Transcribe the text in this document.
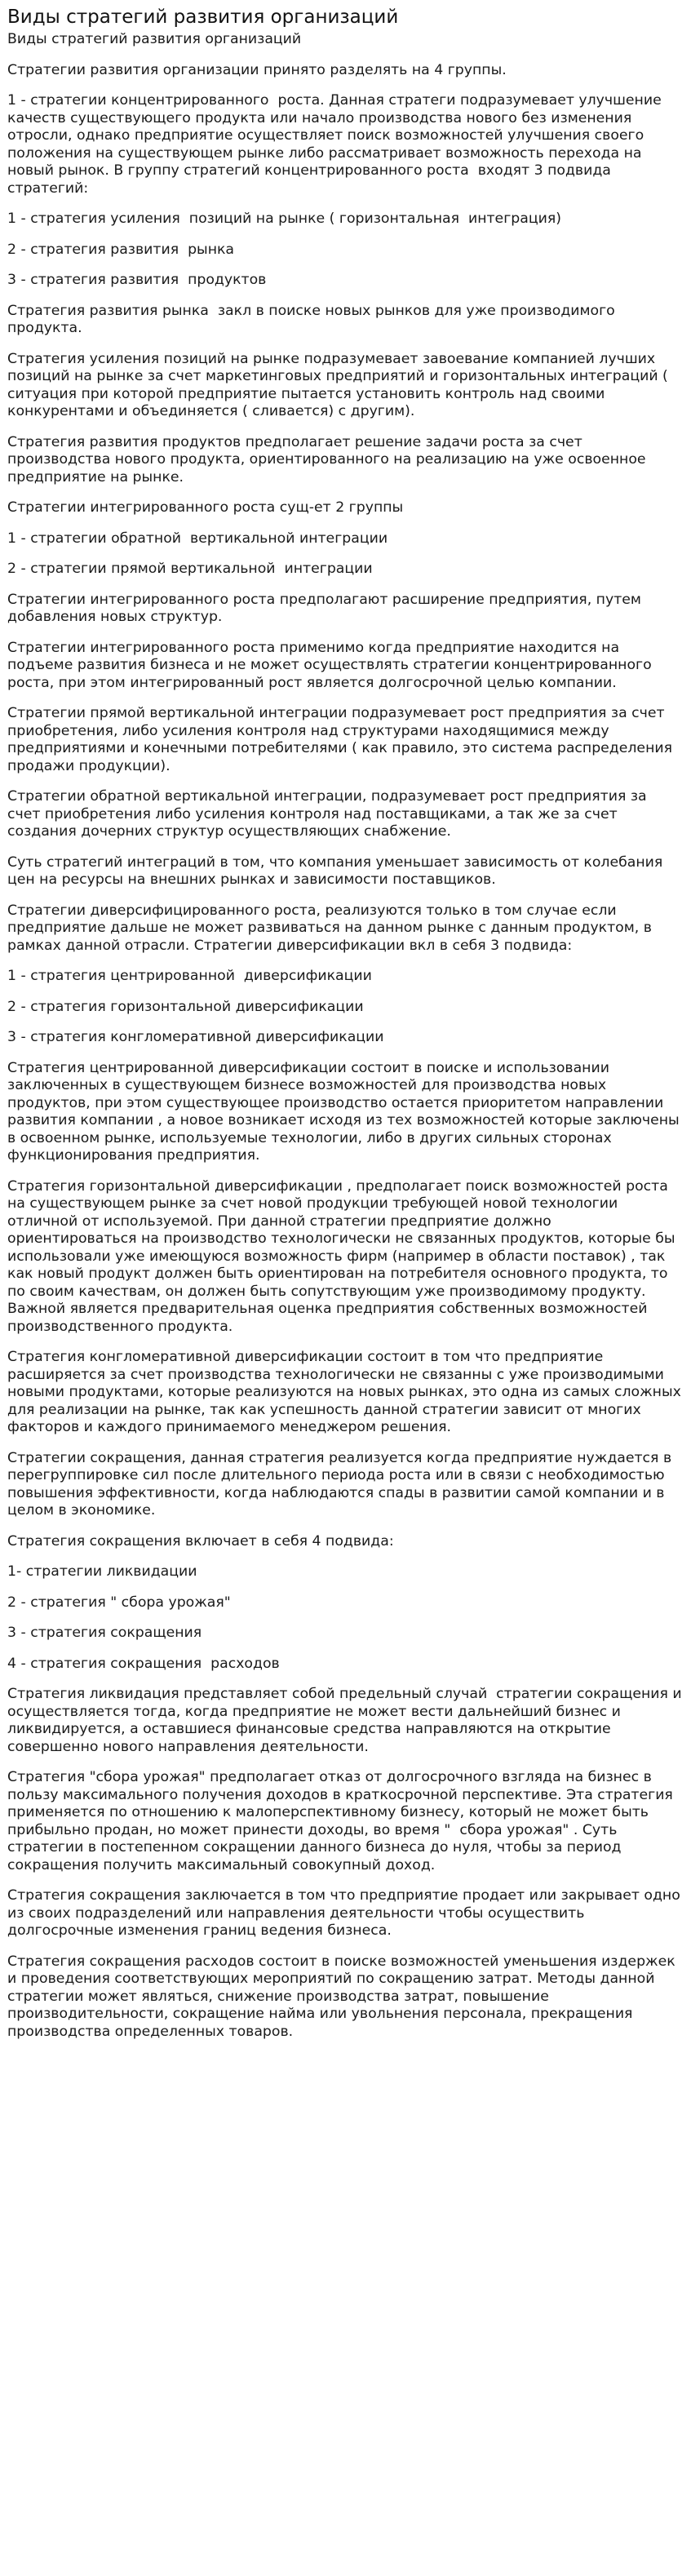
Виды стратегий развития организаций

Виды стратегий развития организаций

Стратегии развития организации принято разделять на 4 группы.

1 - стратегии концентрированного  роста. Данная стратеги подразумевает улучшение качеств существующего продукта или начало производства нового без изменения отросли, однако предприятие осуществляет поиск возможностей улучшения своего положения на существующем рынке либо рассматривает возможность перехода на новый рынок. В группу стратегий концентрированного роста  входят 3 подвида стратегий:

1 - стратегия усиления  позиций на рынке ( горизонтальная  интеграция)

2 - стратегия развития  рынка

3 - стратегия развития  продуктов

Стратегия развития рынка  закл в поиске новых рынков для уже производимого продукта.

Стратегия усиления позиций на рынке подразумевает завоевание компанией лучших позиций на рынке за счет маркетинговых предприятий и горизонтальных интеграций ( ситуация при которой предприятие пытается установить контроль над своими конкурентами и объединяется ( сливается) с другим).

Стратегия развития продуктов предполагает решение задачи роста за счет производства нового продукта, ориентированного на реализацию на уже освоенное предприятие на рынке.

Стратегии интегрированного роста сущ-ет 2 группы

1 - стратегии обратной  вертикальной интеграции

2 - стратегии прямой вертикальной  интеграции

Стратегии интегрированного роста предполагают расширение предприятия, путем добавления новых структур.

Стратегии интегрированного роста применимо когда предприятие находится на подъеме развития бизнеса и не может осуществлять стратегии концентрированного роста, при этом интегрированный рост является долгосрочной целью компании.

Стратегии прямой вертикальной интеграции подразумевает рост предприятия за счет приобретения, либо усиления контроля над структурами находящимися между предприятиями и конечными потребителями ( как правило, это система распределения продажи продукции).

Стратегии обратной вертикальной интеграции, подразумевает рост предприятия за счет приобретения либо усиления контроля над поставщиками, а так же за счет создания дочерних структур осуществляющих снабжение.

Суть стратегий интеграций в том, что компания уменьшает зависимость от колебания цен на ресурсы на внешних рынках и зависимости поставщиков.

Стратегии диверсифицированного роста, реализуются только в том случае если предприятие дальше не может развиваться на данном рынке с данным продуктом, в рамках данной отрасли. Стратегии диверсификации вкл в себя 3 подвида:

1 - стратегия центрированной  диверсификации

2 - стратегия горизонтальной диверсификации

3 - стратегия конгломеративной диверсификации

Стратегия центрированной диверсификации состоит в поиске и использовании заключенных в существующем бизнесе возможностей для производства новых продуктов, при этом существующее производство остается приоритетом направлении развития компании , а новое возникает исходя из тех возможностей которые заключены в освоенном рынке, используемые технологии, либо в других сильных сторонах функционирования предприятия.

Стратегия горизонтальной диверсификации , предполагает поиск возможностей роста на существующем рынке за счет новой продукции требующей новой технологии отличной от используемой. При данной стратегии предприятие должно ориентироваться на производство технологически не связанных продуктов, которые бы использовали уже имеющуюся возможность фирм (например в области поставок) , так как новый продукт должен быть ориентирован на потребителя основного продукта, то по своим качествам, он должен быть сопутствующим уже производимому продукту. Важной является предварительная оценка предприятия собственных возможностей производственного продукта.

Стратегия конгломеративной диверсификации состоит в том что предприятие расширяется за счет производства технологически не связанны с уже производимыми новыми продуктами, которые реализуются на новых рынках, это одна из самых сложных для реализации на рынке, так как успешность данной стратегии зависит от многих факторов и каждого принимаемого менеджером решения.

Стратегии сокращения, данная стратегия реализуется когда предприятие нуждается в перегруппировке сил после длительного периода роста или в связи с необходимостью повышения эффективности, когда наблюдаются спады в развитии самой компании и в целом в экономике.

Стратегия сокращения включает в себя 4 подвида:

1- стратегии ликвидации

2 - стратегия " сбора урожая"

3 - стратегия сокращения

4 - стратегия сокращения  расходов

Стратегия ликвидация представляет собой предельный случай  стратегии сокращения и осуществляется тогда, когда предприятие не может вести дальнейший бизнес и ликвидируется, а оставшиеся финансовые средства направляются на открытие совершенно нового направления деятельности.

Стратегия "сбора урожая" предполагает отказ от долгосрочного взгляда на бизнес в пользу максимального получения доходов в краткосрочной перспективе. Эта стратегия применяется по отношению к малоперспективному бизнесу, который не может быть прибыльно продан, но может принести доходы, во время "  сбора урожая" . Суть стратегии в постепенном сокращении данного бизнеса до нуля, чтобы за период сокращения получить максимальный совокупный доход.

Стратегия сокращения заключается в том что предприятие продает или закрывает одно из своих подразделений или направления деятельности чтобы осуществить долгосрочные изменения границ ведения бизнеса.

Стратегия сокращения расходов состоит в поиске возможностей уменьшения издержек и проведения соответствующих мероприятий по сокращению затрат. Методы данной стратегии может являться, снижение производства затрат, повышение производительности, сокращение найма или увольнения персонала, прекращения производства определенных товаров.
